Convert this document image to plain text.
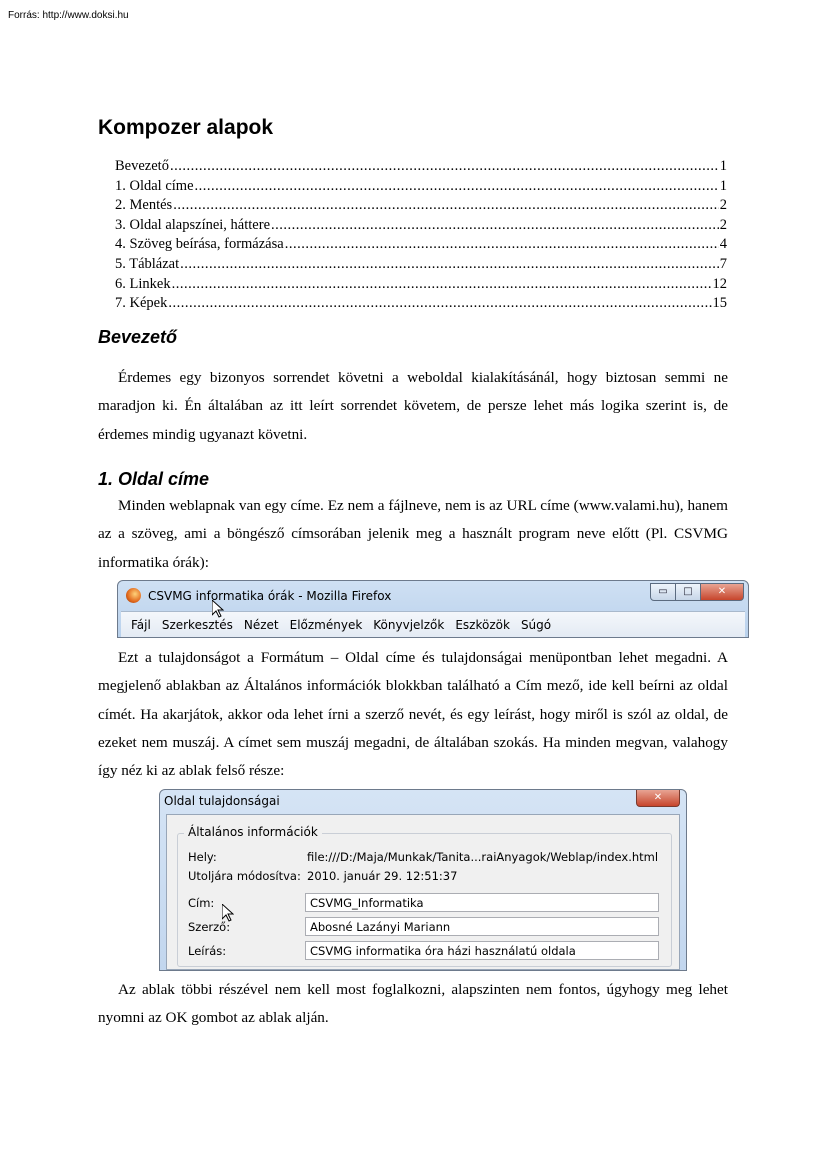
Forrás: http://www.doksi.hu
Kompozer alapok
Bevezető .....	1
1. Oldal címe .....	1
2. Mentés .....	2
3. Oldal alapszínei, háttere .....	2
4. Szöveg beírása, formázása .....	4
5. Táblázat .....	7
6. Linkek .....	12
7. Képek .....	15
Bevezető

Érdemes egy bizonyos sorrendet követni a weboldal kialakításánál, hogy biztosan semmi ne maradjon ki. Én általában az itt leírt sorrendet követem, de persze lehet más logika szerint is, de érdemes mindig ugyanazt követni.

1. Oldal címe

Minden weblapnak van egy címe. Ez nem a fájlneve, nem is az URL címe (www.valami.hu), hanem az a szöveg, ami a böngésző címsorában jelenik meg a használt program neve előtt (Pl. CSVMG informatika órák):

Ezt a tulajdonságot a Formátum – Oldal címe és tulajdonságai menüpontban lehet megadni. A megjelenő ablakban az Általános információk blokkban található a Cím mező, ide kell beírni az oldal címét. Ha akarjátok, akkor oda lehet írni a szerző nevét, és egy leírást, hogy miről is szól az oldal, de ezeket nem muszáj. A címet sem muszáj megadni, de általában szokás. Ha minden megvan, valahogy így néz ki az ablak felső része:

Az ablak többi részével nem kell most foglalkozni, alapszinten nem fontos, úgyhogy meg lehet nyomni az OK gombot az ablak alján.

CSVMG informatika órák - Mozilla Firefox	▭	□	✕
Fájl Szerkesztés Nézet Előzmények Könyvjelzők Eszközök Súgó
Oldal tulajdonságai	✕
Általános információk
Hely:	file:///D:/Maja/Munkak/Tanita...raiAnyagok/Weblap/index.html
Utoljára módosítva: 2010. január 29. 12:51:37
Cím:	CSVMG_Informatika
Szerző:	Abosné Lazányi Mariann
Leírás:	CSVMG informatika óra házi használatú oldala
